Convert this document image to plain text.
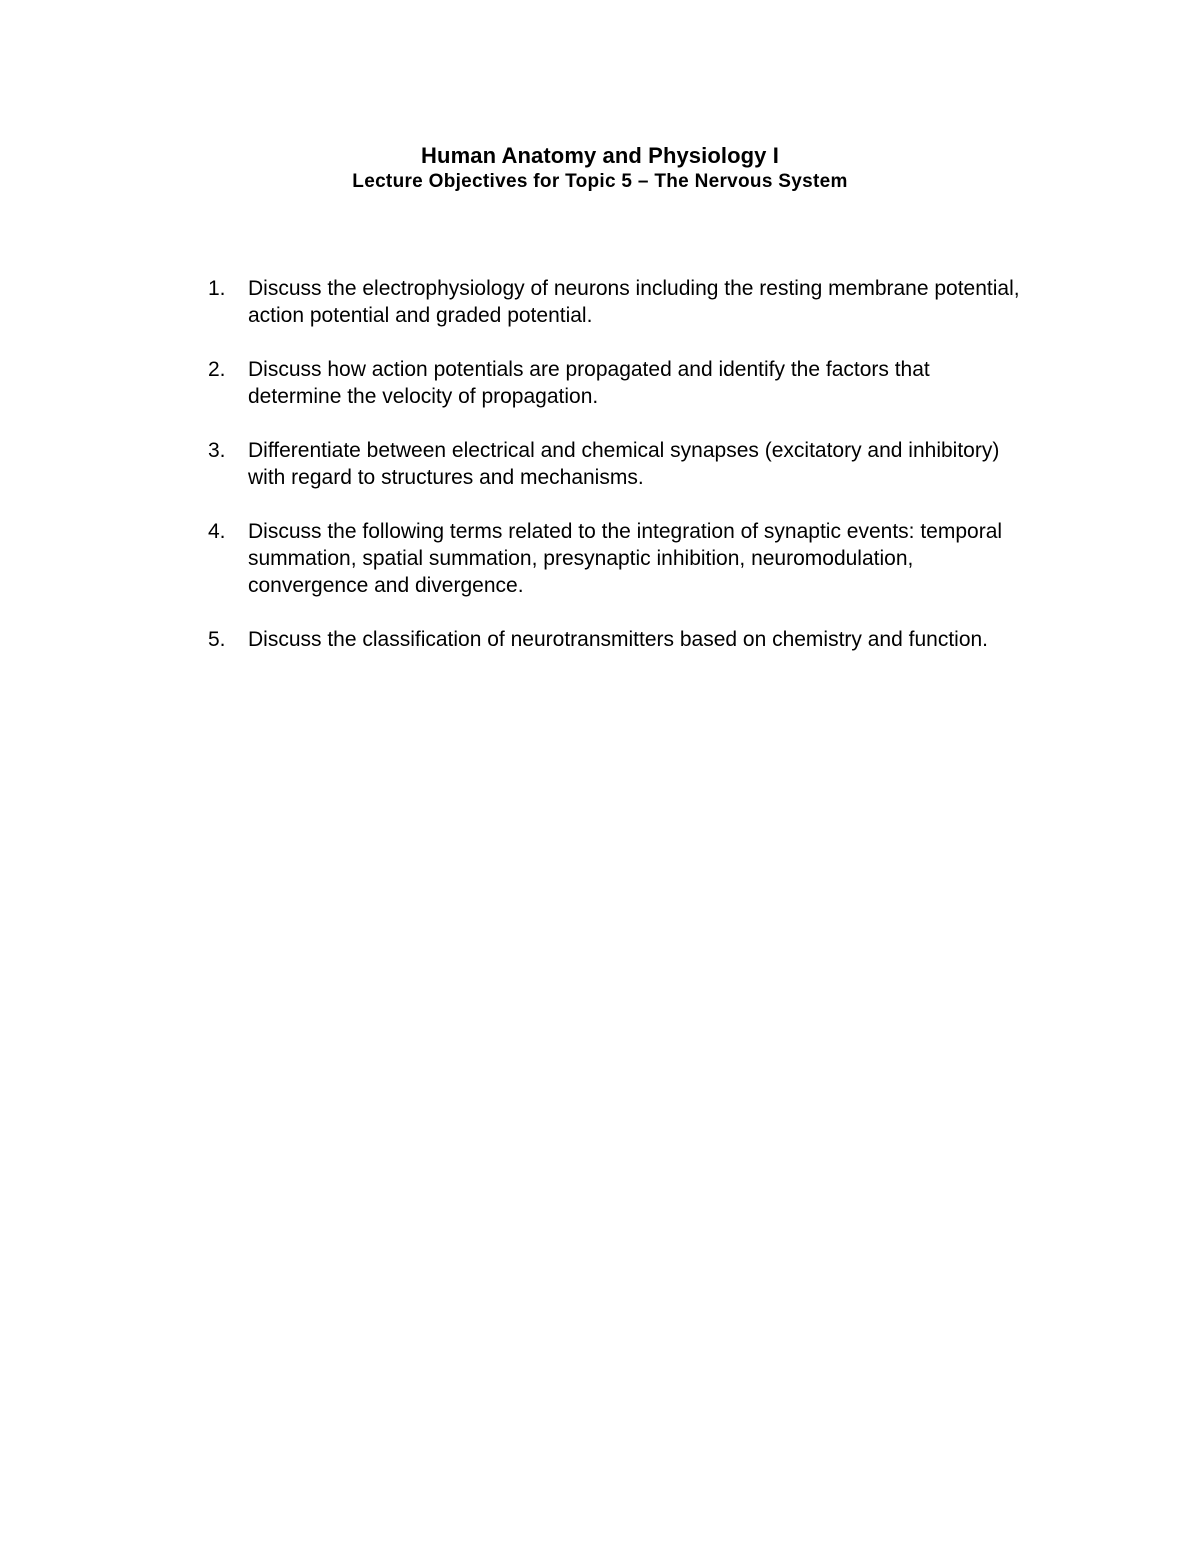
Human Anatomy and Physiology I
Lecture Objectives for Topic 5 – The Nervous System
1.	Discuss the electrophysiology of neurons including the resting membrane potential, action potential and graded potential.
2.	Discuss how action potentials are propagated and identify the factors that determine the velocity of propagation.
3.	Differentiate between electrical and chemical synapses (excitatory and inhibitory) with regard to structures and mechanisms.
4.	Discuss the following terms related to the integration of synaptic events: temporal summation, spatial summation, presynaptic inhibition, neuromodulation, convergence and divergence.
5.	Discuss the classification of neurotransmitters based on chemistry and function.
